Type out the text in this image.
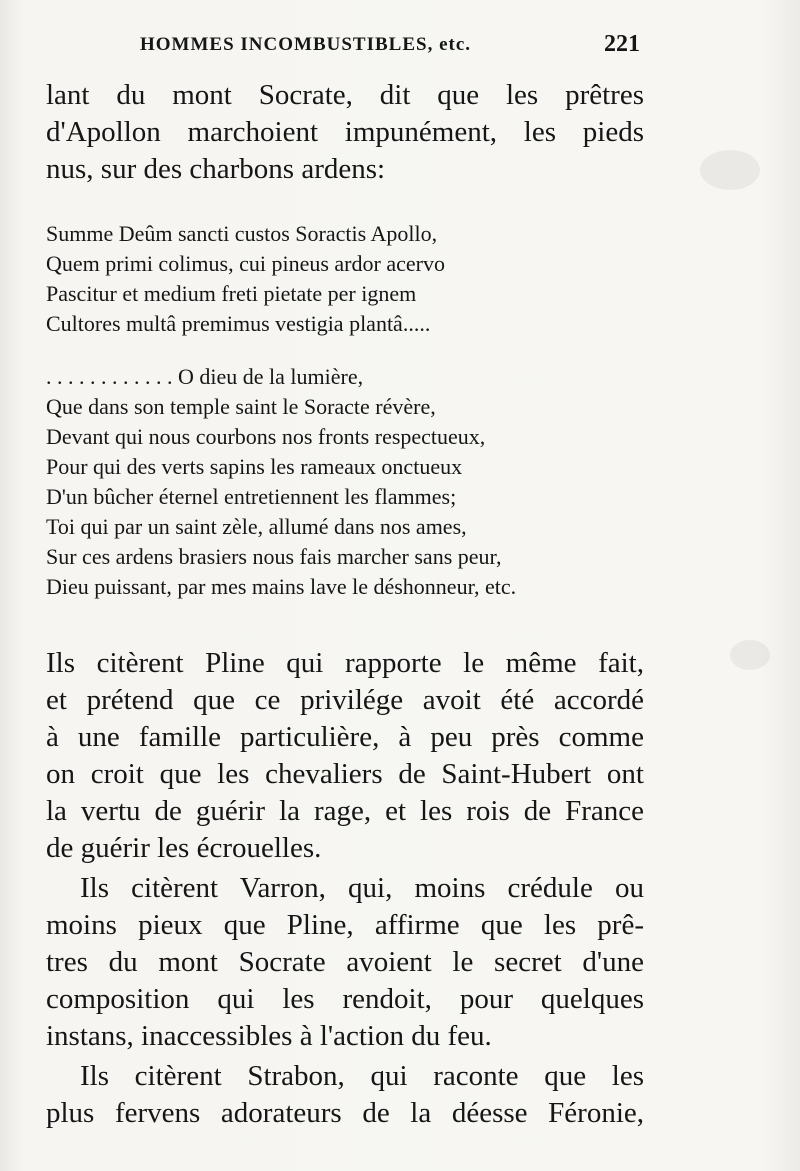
HOMMES INCOMBUSTIBLES, etc.	221

lant du mont Socrate, dit que les prêtres
d'Apollon marchoient impunément, les pieds
nus, sur des charbons ardens:

Summe Deûm sancti custos Soractis Apollo,
Quem primi colimus, cui pineus ardor acervo
Pascitur et medium freti pietate per ignem
Cultores multâ premimus vestigia plantâ.....
. . . . . . . . . . . . O dieu de la lumière,
Que dans son temple saint le Soracte révère,
Devant qui nous courbons nos fronts respectueux,
Pour qui des verts sapins les rameaux onctueux
D'un bûcher éternel entretiennent les flammes;
Toi qui par un saint zèle, allumé dans nos ames,
Sur ces ardens brasiers nous fais marcher sans peur,
Dieu puissant, par mes mains lave le déshonneur, etc.

Ils citèrent Pline qui rapporte le même fait,
et prétend que ce privilége avoit été accordé
à une famille particulière, à peu près comme
on croit que les chevaliers de Saint-Hubert ont
la vertu de guérir la rage, et les rois de France
de guérir les écrouelles.

Ils citèrent Varron, qui, moins crédule ou
moins pieux que Pline, affirme que les prê-
tres du mont Socrate avoient le secret d'une
composition qui les rendoit, pour quelques
instans, inaccessibles à l'action du feu.

Ils citèrent Strabon, qui raconte que les
plus fervens adorateurs de la déesse Féronie,
